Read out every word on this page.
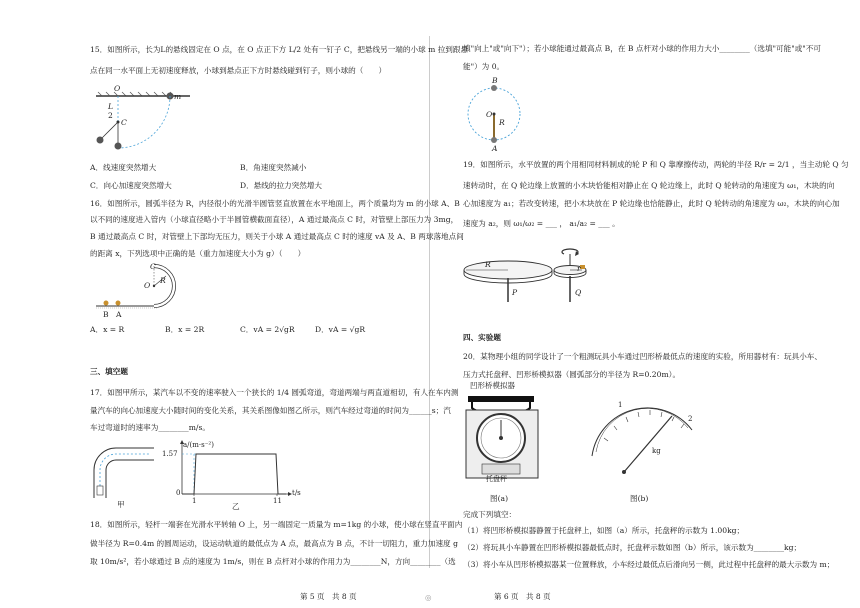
15．如图所示，长为L的悬线固定在 O 点，在 O 点正下方 L/2 处有一钉子 C，把悬线另一端的小球 m 拉到跟悬
点在同一水平面上无初速度释放，小球到悬点正下方时悬线碰到钉子，则小球的（　　）
O
m
L
2
C
A．线速度突然增大	B．角速度突然减小
C．向心加速度突然增大	D．悬线的拉力突然增大
16．如图所示，圆弧半径为 R，内径很小的光滑半圆管竖直放置在水平地面上，两个质量均为 m 的小球 A、B
以不同的速度进入管内（小球直径略小于半圆管横截面直径），A 通过最高点 C 时，对管壁上部压力为 3mg，
B 通过最高点 C 时，对管壁上下部均无压力，则关于小球 A 通过最高点 C 时的速度 vA 及 A、B 两球落地点间
的距离 x，下列选项中正确的是（重力加速度大小为 g）（　　）
C
O
R
B A
A．x = R	B．x = 2R	C．vA = 2√gR	D．vA = √gR
三、填空题
17．如图甲所示，某汽车以不变的速率驶入一个狭长的 1/4 圆弧弯道，弯道两端与两直道相切，有人在车内测
量汽车的向心加速度大小随时间的变化关系，其关系图像如图乙所示，则汽车经过弯道的时间为______s；汽
车过弯道时的速率为________m/s。
甲
a/(m·s⁻²)
1.57
0
1	11
t/s
乙
18．如图所示，轻杆一端套在光滑水平转轴 O 上，另一端固定一质量为 m=1kg 的小球，使小球在竖直平面内
做半径为 R=0.4m 的圆周运动，设运动轨道的最低点为 A 点，最高点为 B 点，不计一切阻力，重力加速度 g
取 10m/s²，若小球通过 B 点的速度为 1m/s，则在 B 点杆对小球的作用力为________N，方向________（选
第 5 页　共 8 页	◎
填"向上"或"向下"）；若小球能通过最高点 B，在 B 点杆对小球的作用力大小________（选填"可能"或"不可
能"）为 0。
B
O
R
A
19．如图所示，水平放置的两个用相同材料制成的轮 P 和 Q 靠摩擦传动，两轮的半径 R/r = 2/1 ，当主动轮 Q 匀
速转动时，在 Q 轮边缘上放置的小木块恰能相对静止在 Q 轮边缘上，此时 Q 轮转动的角速度为 ω₁，木块的向
心加速度为 a₁；若改变转速，把小木块放在 P 轮边缘也恰能静止，此时 Q 轮转动的角速度为 ω₂，木块的向心加
速度为 a₂，则 ω₁/ω₂ = ___ ， a₁/a₂ = ___ 。
R	r
P	Q
四、实验题
20．某物理小组的同学设计了一个粗测玩具小车通过凹形桥最低点的速度的实验，所用器材有：玩具小车、
压力式托盘秤、凹形桥模拟器（圆弧部分的半径为 R=0.20m）。
凹形桥模拟器
托盘秤
图(a)
1
2
kg
图(b)
完成下列填空：
（1）将凹形桥模拟器静置于托盘秤上，如图（a）所示，托盘秤的示数为 1.00kg；
（2）将玩具小车静置在凹形桥模拟器最低点时，托盘秤示数如图（b）所示，该示数为________kg；
（3）将小车从凹形桥模拟器某一位置释放，小车经过最低点后滑向另一侧，此过程中托盘秤的最大示数为 m；
第 6 页　共 8 页
